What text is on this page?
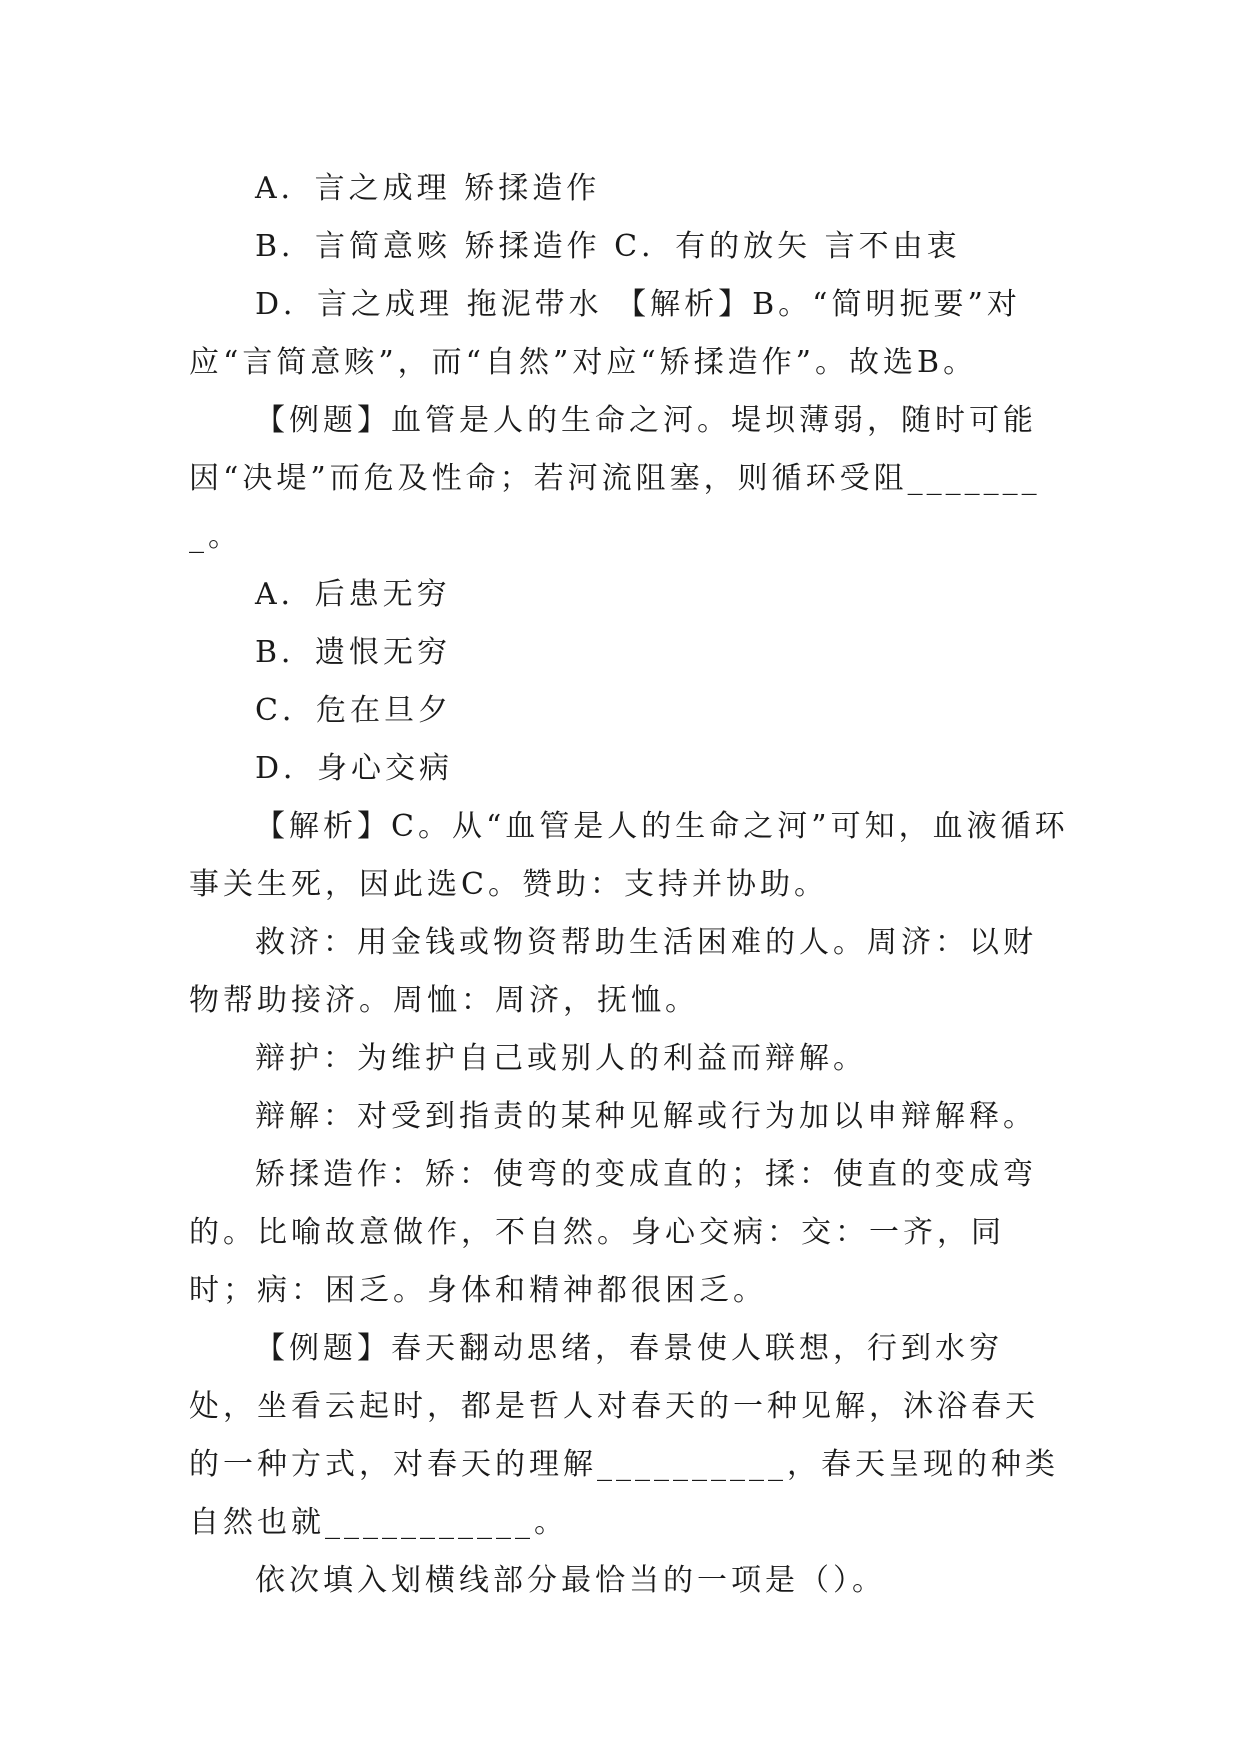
A．言之成理 矫揉造作

B．言简意赅 矫揉造作 C．有的放矢 言不由衷

D．言之成理 拖泥带水 【解析】B。“简明扼要”对应“言简意赅”，而“自然”对应“矫揉造作”。故选B。

【例题】血管是人的生命之河。堤坝薄弱，随时可能因“决堤”而危及性命；若河流阻塞，则循环受阻________。

A．后患无穷

B．遗恨无穷

C．危在旦夕

D．身心交病

【解析】C。从“血管是人的生命之河”可知，血液循环事关生死，因此选C。赞助：支持并协助。

救济：用金钱或物资帮助生活困难的人。周济：以财物帮助接济。周恤：周济，抚恤。

辩护：为维护自己或别人的利益而辩解。

辩解：对受到指责的某种见解或行为加以申辩解释。

矫揉造作：矫：使弯的变成直的；揉：使直的变成弯的。比喻故意做作，不自然。身心交病：交：一齐，同时；病：困乏。身体和精神都很困乏。

【例题】春天翻动思绪，春景使人联想，行到水穷处，坐看云起时，都是哲人对春天的一种见解，沐浴春天的一种方式，对春天的理解__________，春天呈现的种类自然也就___________。

依次填入划横线部分最恰当的一项是（）。
